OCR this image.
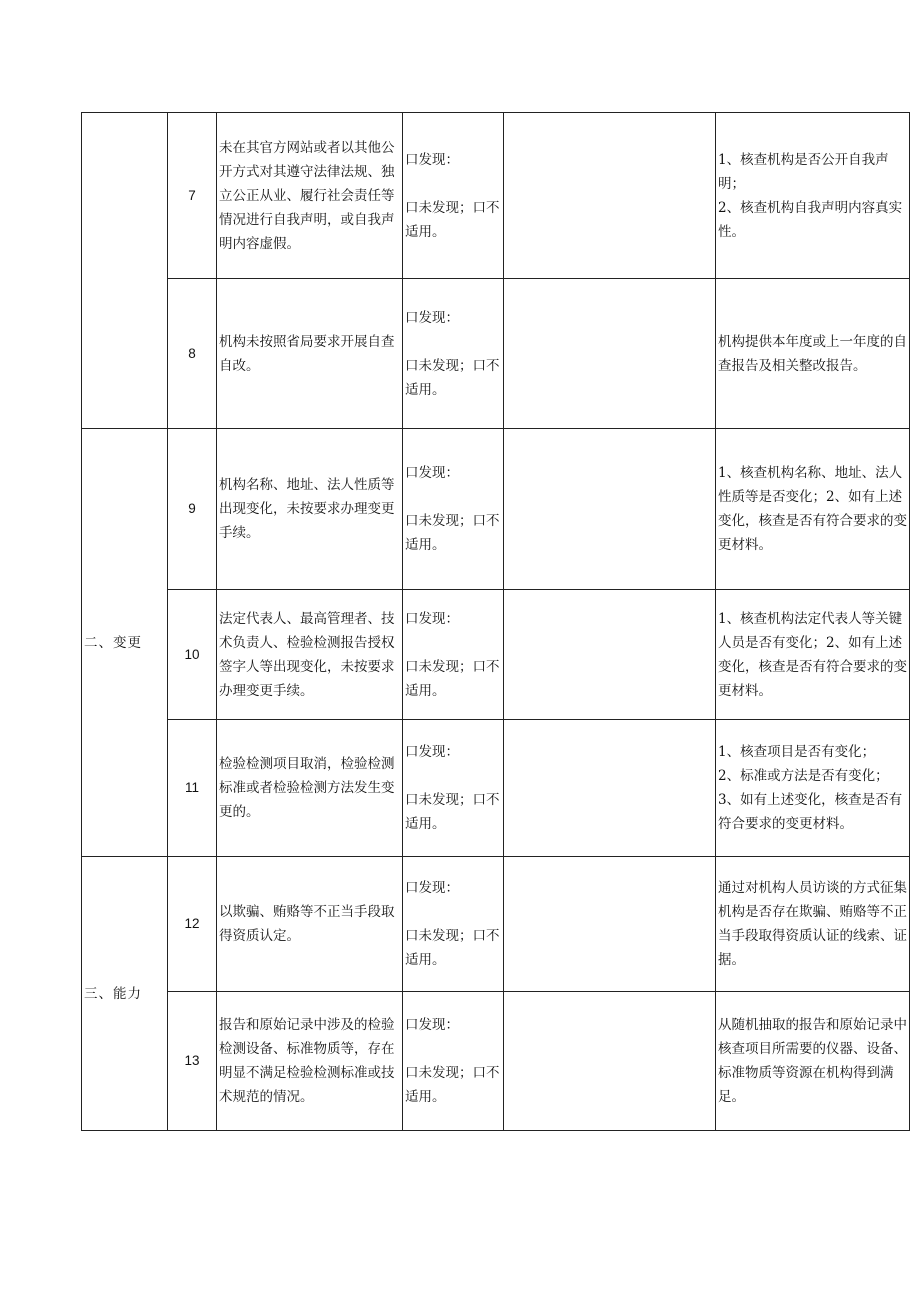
	7	未在其官方网站或者以其他公开方式对其遵守法律法规、独立公正从业、履行社会责任等情况进行自我声明，或自我声明内容虚假。	口发现：
口未发现；口不适用。		1、核查机构是否公开自我声明；
2、核查机构自我声明内容真实性。

	8	机构未按照省局要求开展自查自改。	口发现：
口未发现；口不适用。		机构提供本年度或上一年度的自查报告及相关整改报告。

二、变更	9	机构名称、地址、法人性质等出现变化，未按要求办理变更手续。	口发现：
口未发现；口不适用。		1、核查机构名称、地址、法人性质等是否变化；2、如有上述变化，核查是否有符合要求的变更材料。

	10	法定代表人、最高管理者、技术负责人、检验检测报告授权签字人等出现变化，未按要求办理变更手续。	口发现：
口未发现；口不适用。		1、核查机构法定代表人等关键人员是否有变化；2、如有上述变化，核查是否有符合要求的变更材料。

	11	检验检测项目取消，检验检测标准或者检验检测方法发生变更的。	口发现：
口未发现；口不适用。		1、核查项目是否有变化；
2、标准或方法是否有变化；3、如有上述变化，核查是否有符合要求的变更材料。

三、能力	12	以欺骗、贿赂等不正当手段取得资质认定。	口发现：
口未发现；口不适用。		通过对机构人员访谈的方式征集机构是否存在欺骗、贿赂等不正当手段取得资质认证的线索、证据。

	13	报告和原始记录中涉及的检验检测设备、标准物质等，存在明显不满足检验检测标准或技术规范的情况。	口发现：
口未发现；口不适用。		从随机抽取的报告和原始记录中核查项目所需要的仪器、设备、标准物质等资源在机构得到满足。
